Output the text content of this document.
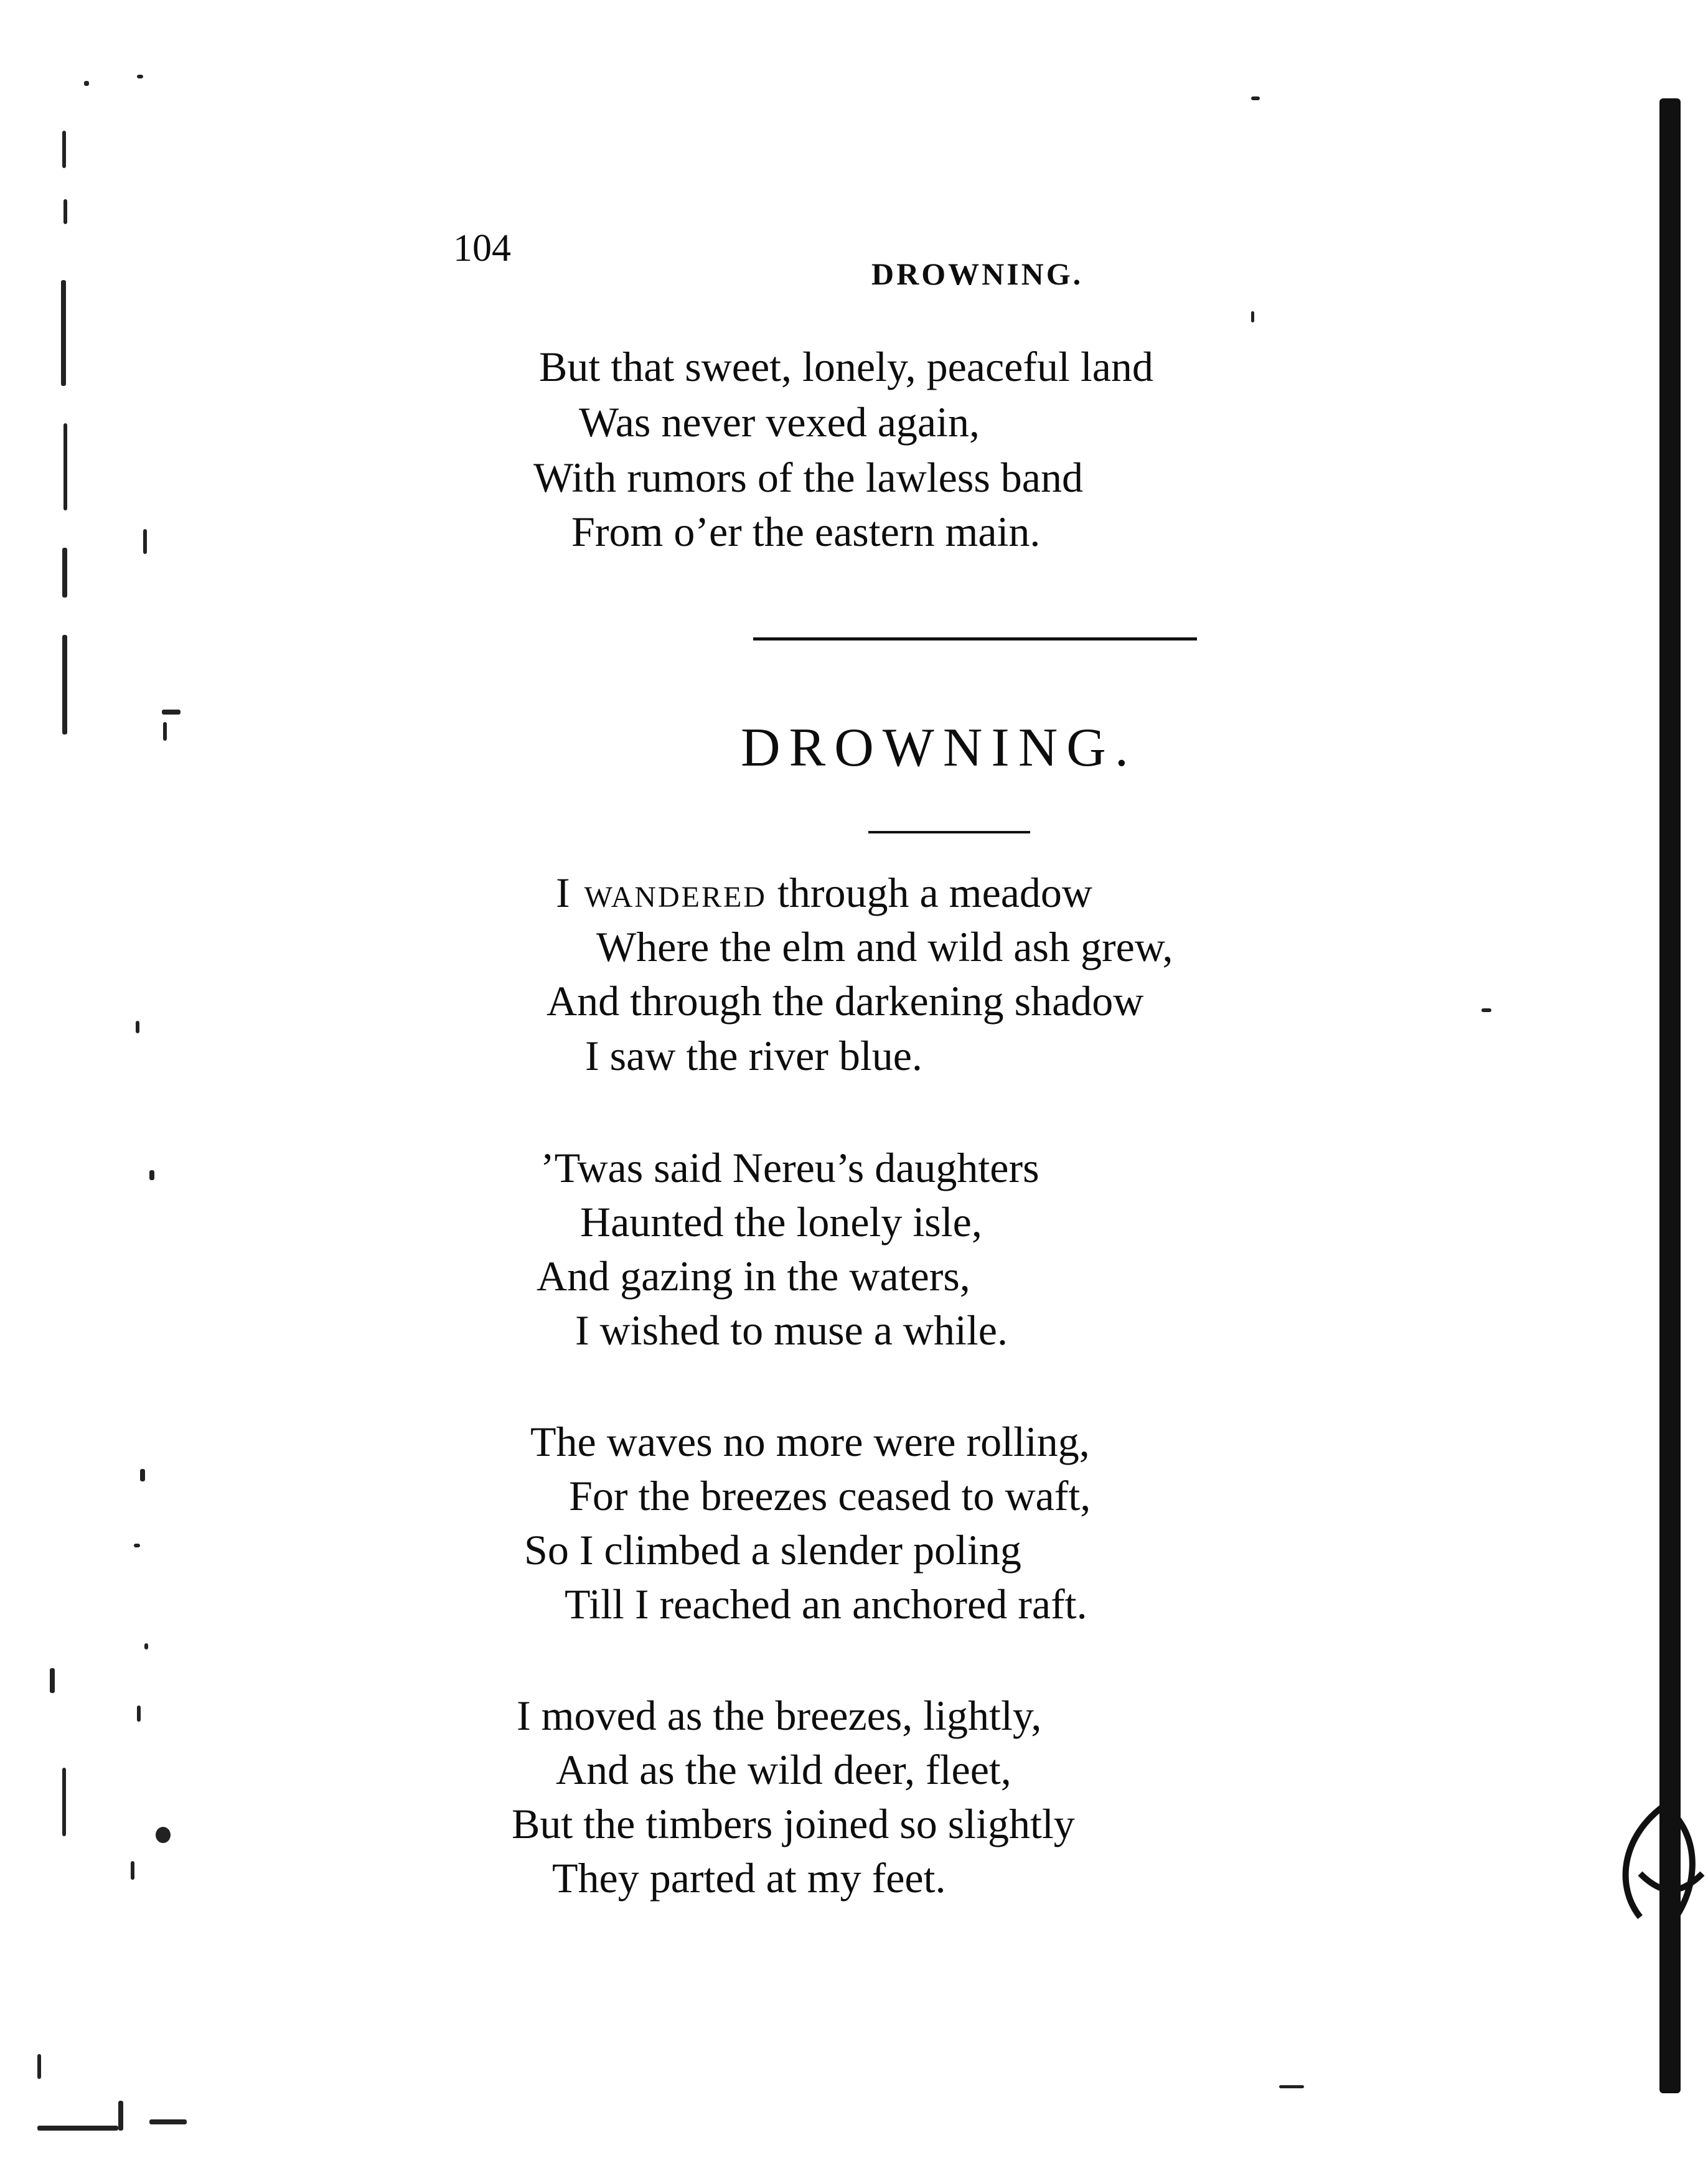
104
DROWNING.
But that sweet, lonely, peaceful land
Was never vexed again,
With rumors of the lawless band
From o’er the eastern main.
DROWNING.
I wandered through a meadow
Where the elm and wild ash grew,
And through the darkening shadow
I saw the river blue.
’Twas said Nereu’s daughters
Haunted the lonely isle,
And gazing in the waters,
I wished to muse a while.
The waves no more were rolling,
For the breezes ceased to waft,
So I climbed a slender poling
Till I reached an anchored raft.
I moved as the breezes, lightly,
And as the wild deer, fleet,
But the timbers joined so slightly
They parted at my feet.
